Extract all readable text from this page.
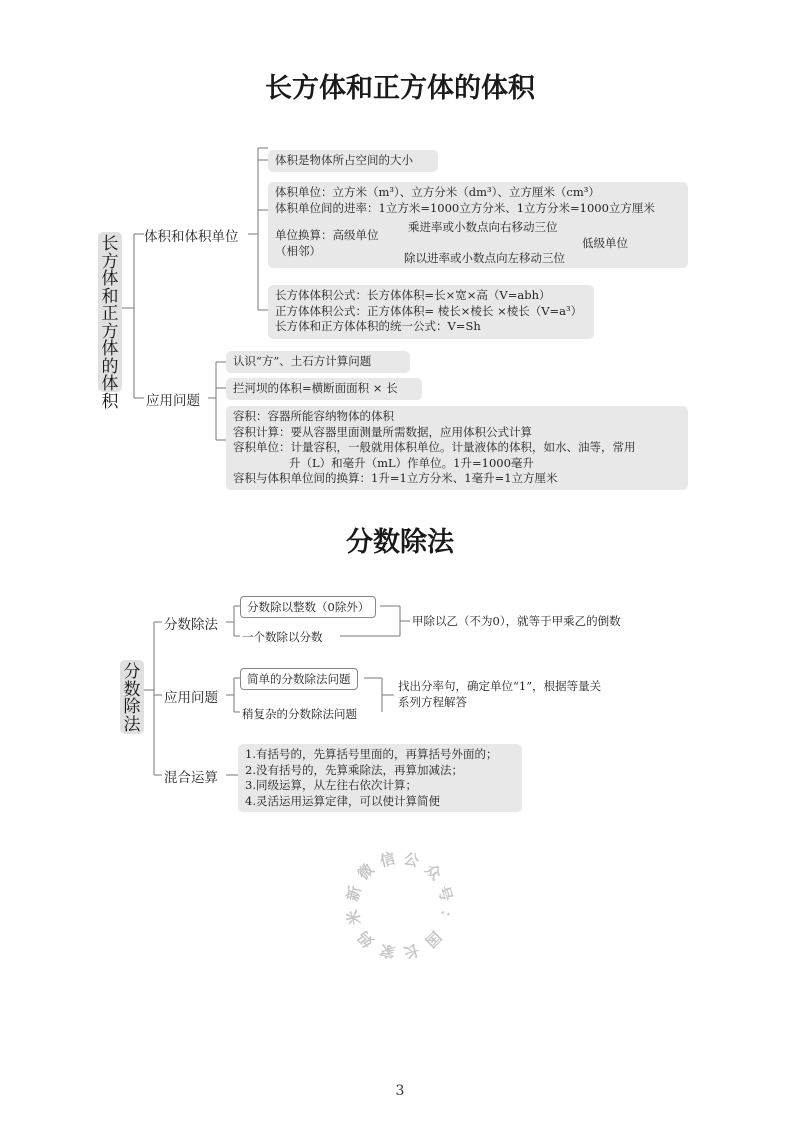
长方体和正方体的体积
长
方
体
和
正
方
体
的
体
积
体积和体积单位
应用问题
体积是物体所占空间的大小
体积单位：立方米（m³）、立方分米（dm³）、立方厘米（cm³）
体积单位间的进率：1立方米=1000立方分米、1立方分米=1000立方厘米
单位换算：高级单位
（相邻）
乘进率或小数点向右移动三位
低级单位
除以进率或小数点向左移动三位
长方体体积公式：长方体体积=长×宽×高（V=abh）
正方体体积公式：正方体体积= 棱长×棱长 ×棱长（V=a³）
长方体和正方体体积的统一公式：V=Sh
认识“方”、土石方计算问题
拦河坝的体积=横断面面积 × 长
容积：容器所能容纳物体的体积
容积计算：要从容器里面测量所需数据，应用体积公式计算
容积单位：计量容积，一般就用体积单位。计量液体的体积，如水、油等，常用
升（L）和毫升（mL）作单位。1升=1000毫升
容积与体积单位间的换算：1升=1立方分米、1毫升=1立方厘米
分数除法
分
数
除
法
分数除法
分数除以整数（0除外）
一个数除以分数
甲除以乙（不为0），就等于甲乘乙的倒数
应用问题
简单的分数除法问题
稍复杂的分数除法问题
找出分率句，确定单位“1”，根据等量关
系列方程解答
混合运算
1.有括号的，先算括号里面的，再算括号外面的；
2.没有括号的，先算乘除法，再算加减法；
3.同级运算，从左往右依次计算；
4.灵活运用运算定律，可以使计算简便
微
信 公
众
号
：
国
长
家
妈
米
新
3
